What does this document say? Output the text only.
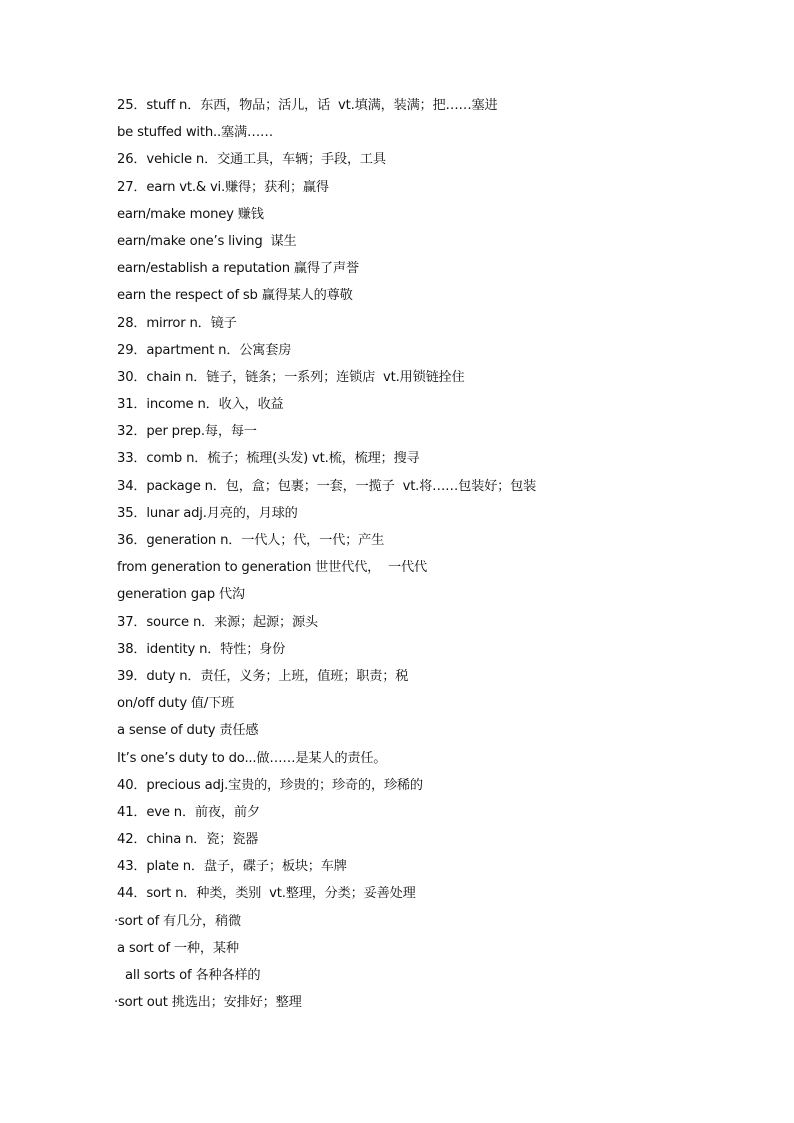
25．stuff n．东西，物品；活儿，话  vt.填满，装满；把……塞进
be stuffed with..塞满……
26．vehicle n．交通工具，车辆；手段，工具
27．earn vt.& vi.赚得；获利；赢得
earn/make money 赚钱
earn/make one’s living  谋生
earn/establish a reputation 赢得了声誉
earn the respect of sb 赢得某人的尊敬
28．mirror n．镜子
29．apartment n．公寓套房
30．chain n．链子，链条；一系列；连锁店  vt.用锁链拴住
31．income n．收入，收益
32．per prep.每，每一
33．comb n．梳子；梳理(头发) vt.梳，梳理；搜寻
34．package n．包，盒；包裹；一套，一揽子  vt.将……包装好；包装
35．lunar adj.月亮的，月球的
36．generation n．一代人；代，一代；产生
from generation to generation 世世代代，  一代代
generation gap 代沟
37．source n．来源；起源；源头
38．identity n．特性；身份
39．duty n．责任，义务；上班，值班；职责；税
on/off duty 值/下班
a sense of duty 责任感
It’s one’s duty to do...做……是某人的责任。
40．precious adj.宝贵的，珍贵的；珍奇的，珍稀的
41．eve n．前夜，前夕
42．china n．瓷；瓷器
43．plate n．盘子，碟子；板块；车牌
44．sort n．种类，类别  vt.整理，分类；妥善处理
·sort of 有几分，稍微
a sort of 一种，某种
all sorts of 各种各样的
·sort out 挑选出；安排好；整理
